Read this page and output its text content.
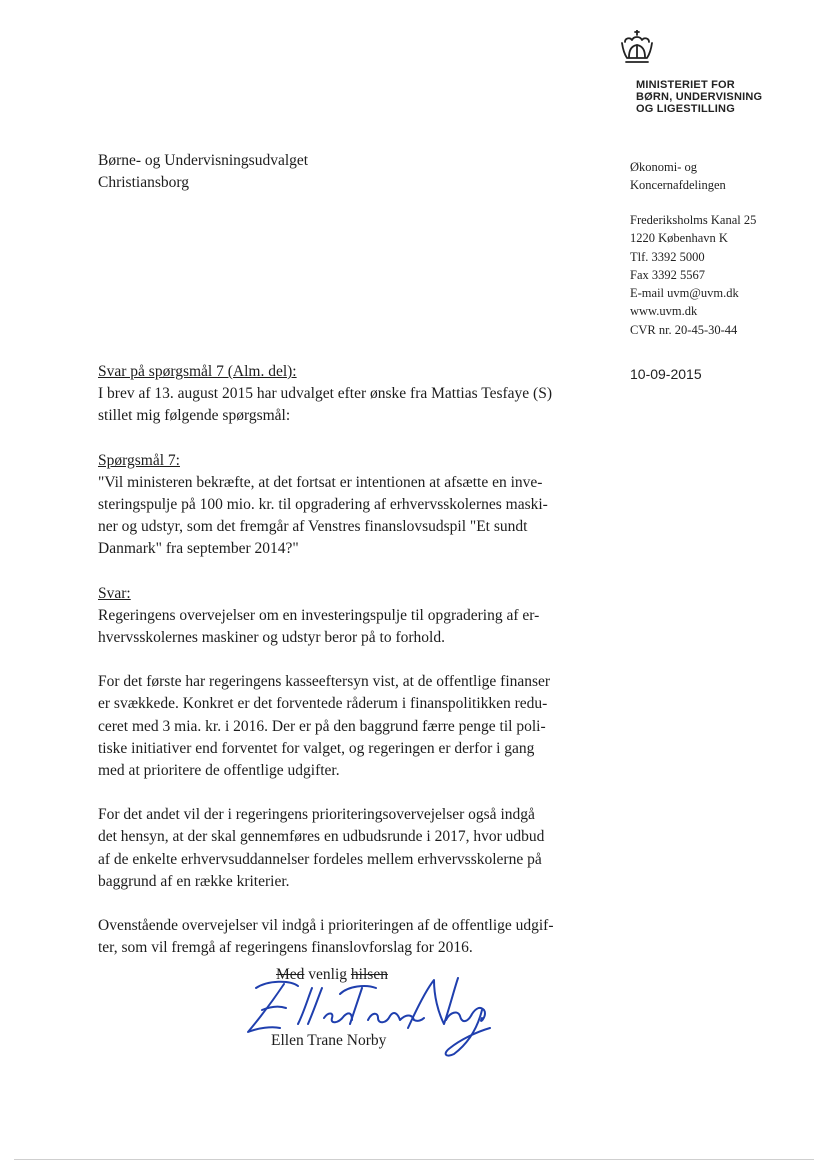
MINISTERIET FOR
BØRN, UNDERVISNING
OG LIGESTILLING
Børne- og Undervisningsudvalget
Christiansborg
Økonomi- og
Koncernafdelingen
Frederiksholms Kanal 25
1220 København K
Tlf. 3392 5000
Fax 3392 5567
E-mail uvm@uvm.dk
www.uvm.dk
CVR nr. 20-45-30-44
10-09-2015

Svar på spørgsmål 7 (Alm. del):

I brev af 13. august 2015 har udvalget efter ønske fra Mattias Tesfaye (S)
stillet mig følgende spørgsmål:

Spørgsmål 7:

"Vil ministeren bekræfte, at det fortsat er intentionen at afsætte en inve-
steringspulje på 100 mio. kr. til opgradering af erhvervsskolernes maski-
ner og udstyr, som det fremgår af Venstres finanslovsudspil "Et sundt
Danmark" fra september 2014?"

Svar:

Regeringens overvejelser om en investeringspulje til opgradering af er-
hvervsskolernes maskiner og udstyr beror på to forhold.

For det første har regeringens kasseeftersyn vist, at de offentlige finanser
er svækkede. Konkret er det forventede råderum i finanspolitikken redu-
ceret med 3 mia. kr. i 2016. Der er på den baggrund færre penge til poli-
tiske initiativer end forventet for valget, og regeringen er derfor i gang
med at prioritere de offentlige udgifter.

For det andet vil der i regeringens prioriteringsovervejelser også indgå
det hensyn, at der skal gennemføres en udbudsrunde i 2017, hvor udbud
af de enkelte erhvervsuddannelser fordeles mellem erhvervsskolerne på
baggrund af en række kriterier.

Ovenstående overvejelser vil indgå i prioriteringen af de offentlige udgif-
ter, som vil fremgå af regeringens finanslovforslag for 2016.

Med venlig hilsen
Ellen Trane Norby
